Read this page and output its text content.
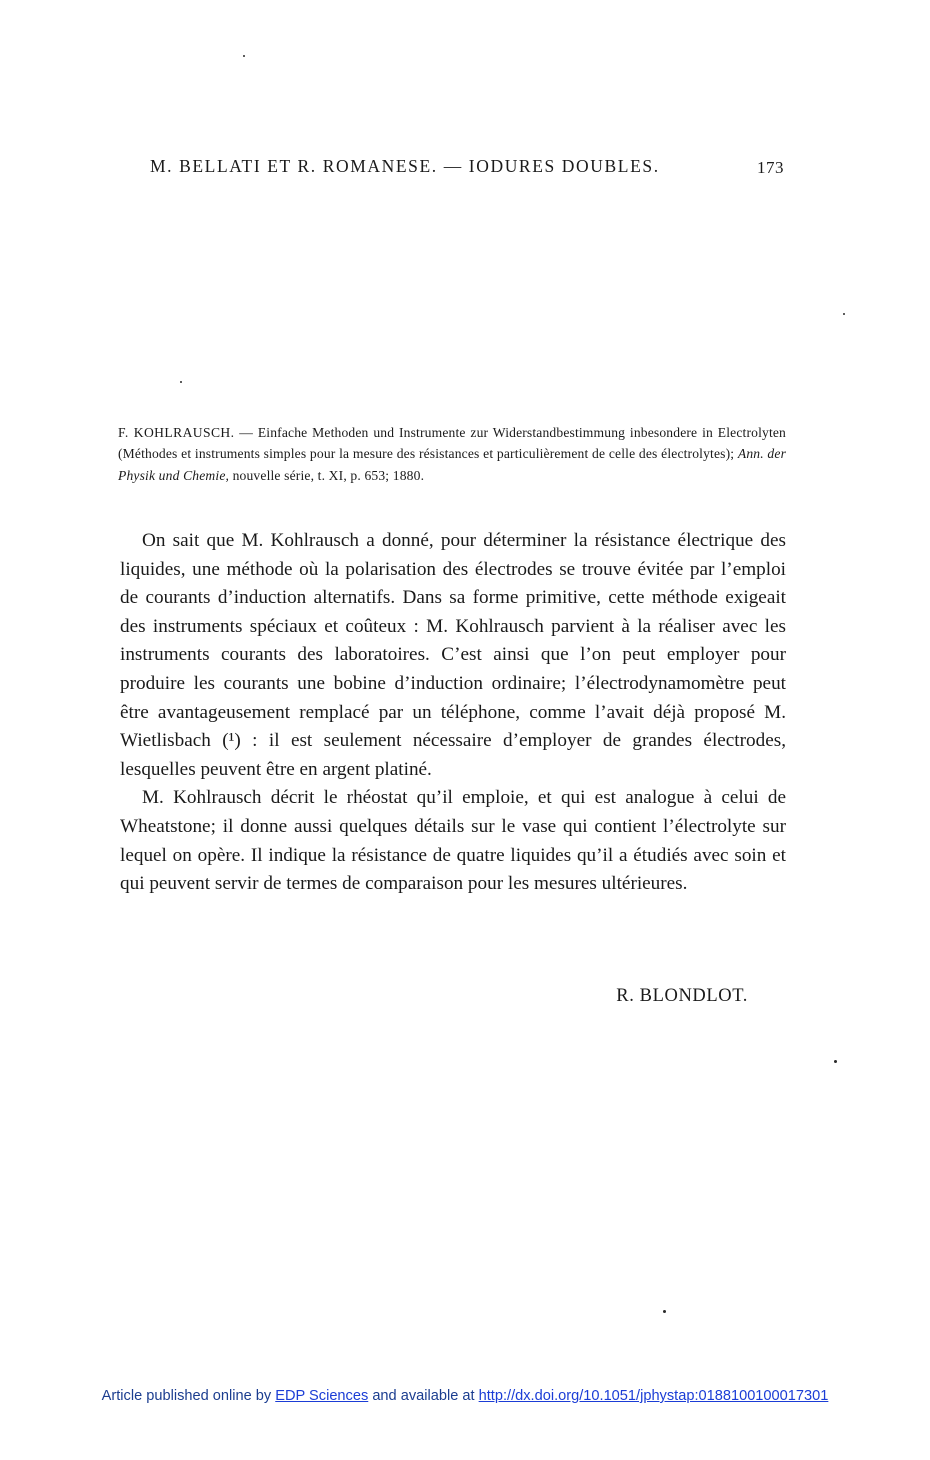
M. BELLATI ET R. ROMANESE. — IODURES DOUBLES.	173
F. KOHLRAUSCH. — Einfache Methoden und Instrumente zur Widerstandbestimmung inbesondere in Electrolyten (Méthodes et instruments simples pour la mesure des résistances et particulièrement de celle des électrolytes); Ann. der Physik und Chemie, nouvelle série, t. XI, p. 653; 1880.

On sait que M. Kohlrausch a donné, pour déterminer la résistance électrique des liquides, une méthode où la polarisation des électrodes se trouve évitée par l’emploi de courants d’induction alternatifs. Dans sa forme primitive, cette méthode exigeait des instruments spéciaux et coûteux : M. Kohlrausch parvient à la réaliser avec les instruments courants des laboratoires. C’est ainsi que l’on peut employer pour produire les courants une bobine d’induction ordinaire; l’électrodynamomètre peut être avantageusement remplacé par un téléphone, comme l’avait déjà proposé M. Wietlisbach (¹) : il est seulement nécessaire d’employer de grandes électrodes, lesquelles peuvent être en argent platiné.

M. Kohlrausch décrit le rhéostat qu’il emploie, et qui est analogue à celui de Wheatstone; il donne aussi quelques détails sur le vase qui contient l’électrolyte sur lequel on opère. Il indique la résistance de quatre liquides qu’il a étudiés avec soin et qui peuvent servir de termes de comparaison pour les mesures ultérieures.

R. BLONDLOT.
Article published online by EDP Sciences and available at http://dx.doi.org/10.1051/jphystap:0188100100017301
